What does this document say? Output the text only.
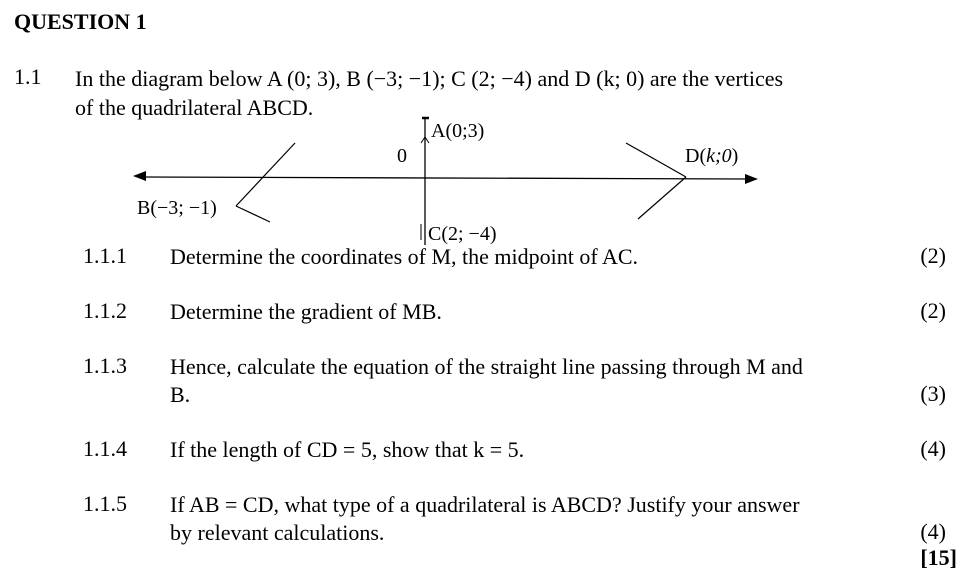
QUESTION 1
1.1 In the diagram below A (0; 3), B (−3; −1); C (2; −4) and D (k; 0) are the vertices
of the quadrilateral ABCD.
A(0;3)
0	D(k;0)
B(−3; −1)
C(2; −4)
1.1.1 Determine the coordinates of M, the midpoint of AC.	(2)
1.1.2 Determine the gradient of MB.	(2)
1.1.3 Hence, calculate the equation of the straight line passing through M and
B.	(3)
1.1.4 If the length of CD = 5, show that k = 5.	(4)
1.1.5 If AB = CD, what type of a quadrilateral is ABCD? Justify your answer
by relevant calculations.	(4)
[15]
